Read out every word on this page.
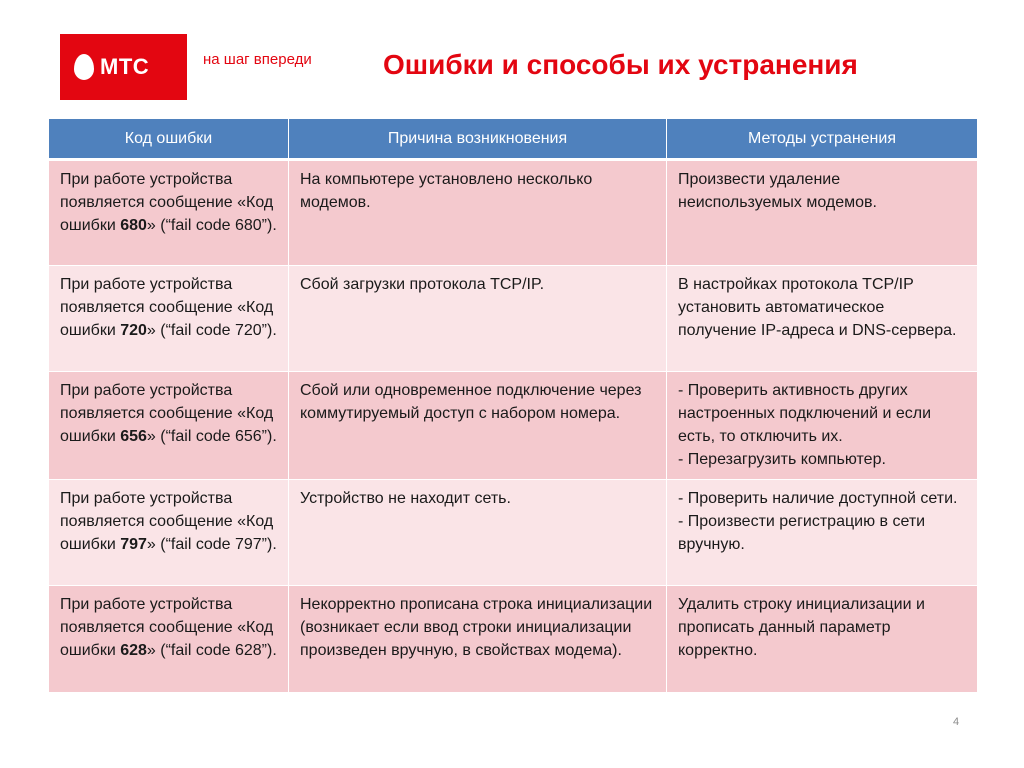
МТС	на шаг впереди	Ошибки и способы их устранения
Код ошибки	Причина возникновения	Методы устранения
При работе устройства появляется сообщение «Код ошибки 680» (“fail code 680”).	На компьютере установлено несколько модемов.	Произвести удаление неиспользуемых модемов.
При работе устройства появляется сообщение «Код ошибки 720» (“fail code 720”).	Сбой загрузки протокола TCP/IP.	В настройках протокола TCP/IP установить автоматическое получение IP-адреса и DNS-сервера.
При работе устройства появляется сообщение «Код ошибки 656» (“fail code 656”).	Сбой или одновременное подключение через коммутируемый доступ с набором номера.	- Проверить активность других настроенных подключений и если есть, то отключить их.
- Перезагрузить компьютер.
При работе устройства появляется сообщение «Код ошибки 797» (“fail code 797”).	Устройство не находит сеть.	- Проверить наличие доступной сети.
- Произвести регистрацию в сети вручную.
При работе устройства появляется сообщение «Код ошибки 628» (“fail code 628”).	Некорректно прописана строка инициализации (возникает если ввод строки инициализации произведен вручную, в свойствах модема).	Удалить строку инициализации и прописать данный параметр корректно.
4
